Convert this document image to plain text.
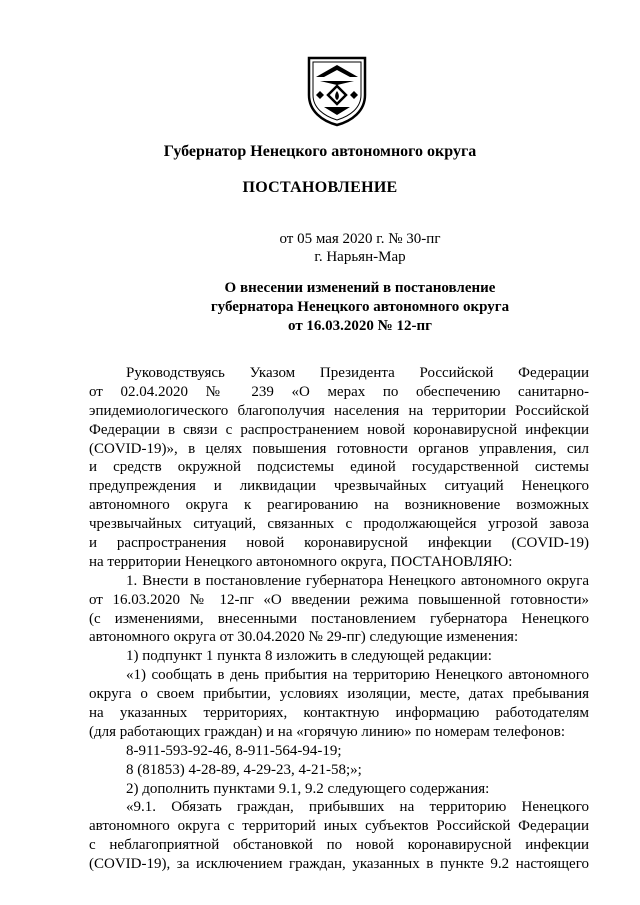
Губернатор Ненецкого автономного округа
ПОСТАНОВЛЕНИЕ
от 05 мая 2020 г. № 30-пг
г. Нарьян-Мар
О внесении изменений в постановление
губернатора Ненецкого автономного округа
от 16.03.2020 № 12-пг
Руководствуясь Указом Президента Российской Федерации
от 02.04.2020 № 239 «О мерах по обеспечению санитарно-
эпидемиологического благополучия населения на территории Российской
Федерации в связи с распространением новой коронавирусной инфекции
(COVID-19)», в целях повышения готовности органов управления, сил
и средств окружной подсистемы единой государственной системы
предупреждения и ликвидации чрезвычайных ситуаций Ненецкого
автономного округа к реагированию на возникновение возможных
чрезвычайных ситуаций, связанных с продолжающейся угрозой завоза
и распространения новой коронавирусной инфекции (COVID-19)
на территории Ненецкого автономного округа, ПОСТАНОВЛЯЮ:
1. Внести в постановление губернатора Ненецкого автономного округа
от 16.03.2020 № 12-пг «О введении режима повышенной готовности»
(с изменениями, внесенными постановлением губернатора Ненецкого
автономного округа от 30.04.2020 № 29-пг) следующие изменения:
1) подпункт 1 пункта 8 изложить в следующей редакции:
«1) сообщать в день прибытия на территорию Ненецкого автономного
округа о своем прибытии, условиях изоляции, месте, датах пребывания
на указанных территориях, контактную информацию работодателям
(для работающих граждан) и на «горячую линию» по номерам телефонов:
8-911-593-92-46, 8-911-564-94-19;
8 (81853) 4-28-89, 4-29-23, 4-21-58;»;
2) дополнить пунктами 9.1, 9.2 следующего содержания:
«9.1. Обязать граждан, прибывших на территорию Ненецкого
автономного округа с территорий иных субъектов Российской Федерации
с неблагоприятной обстановкой по новой коронавирусной инфекции
(COVID-19), за исключением граждан, указанных в пункте 9.2 настоящего
